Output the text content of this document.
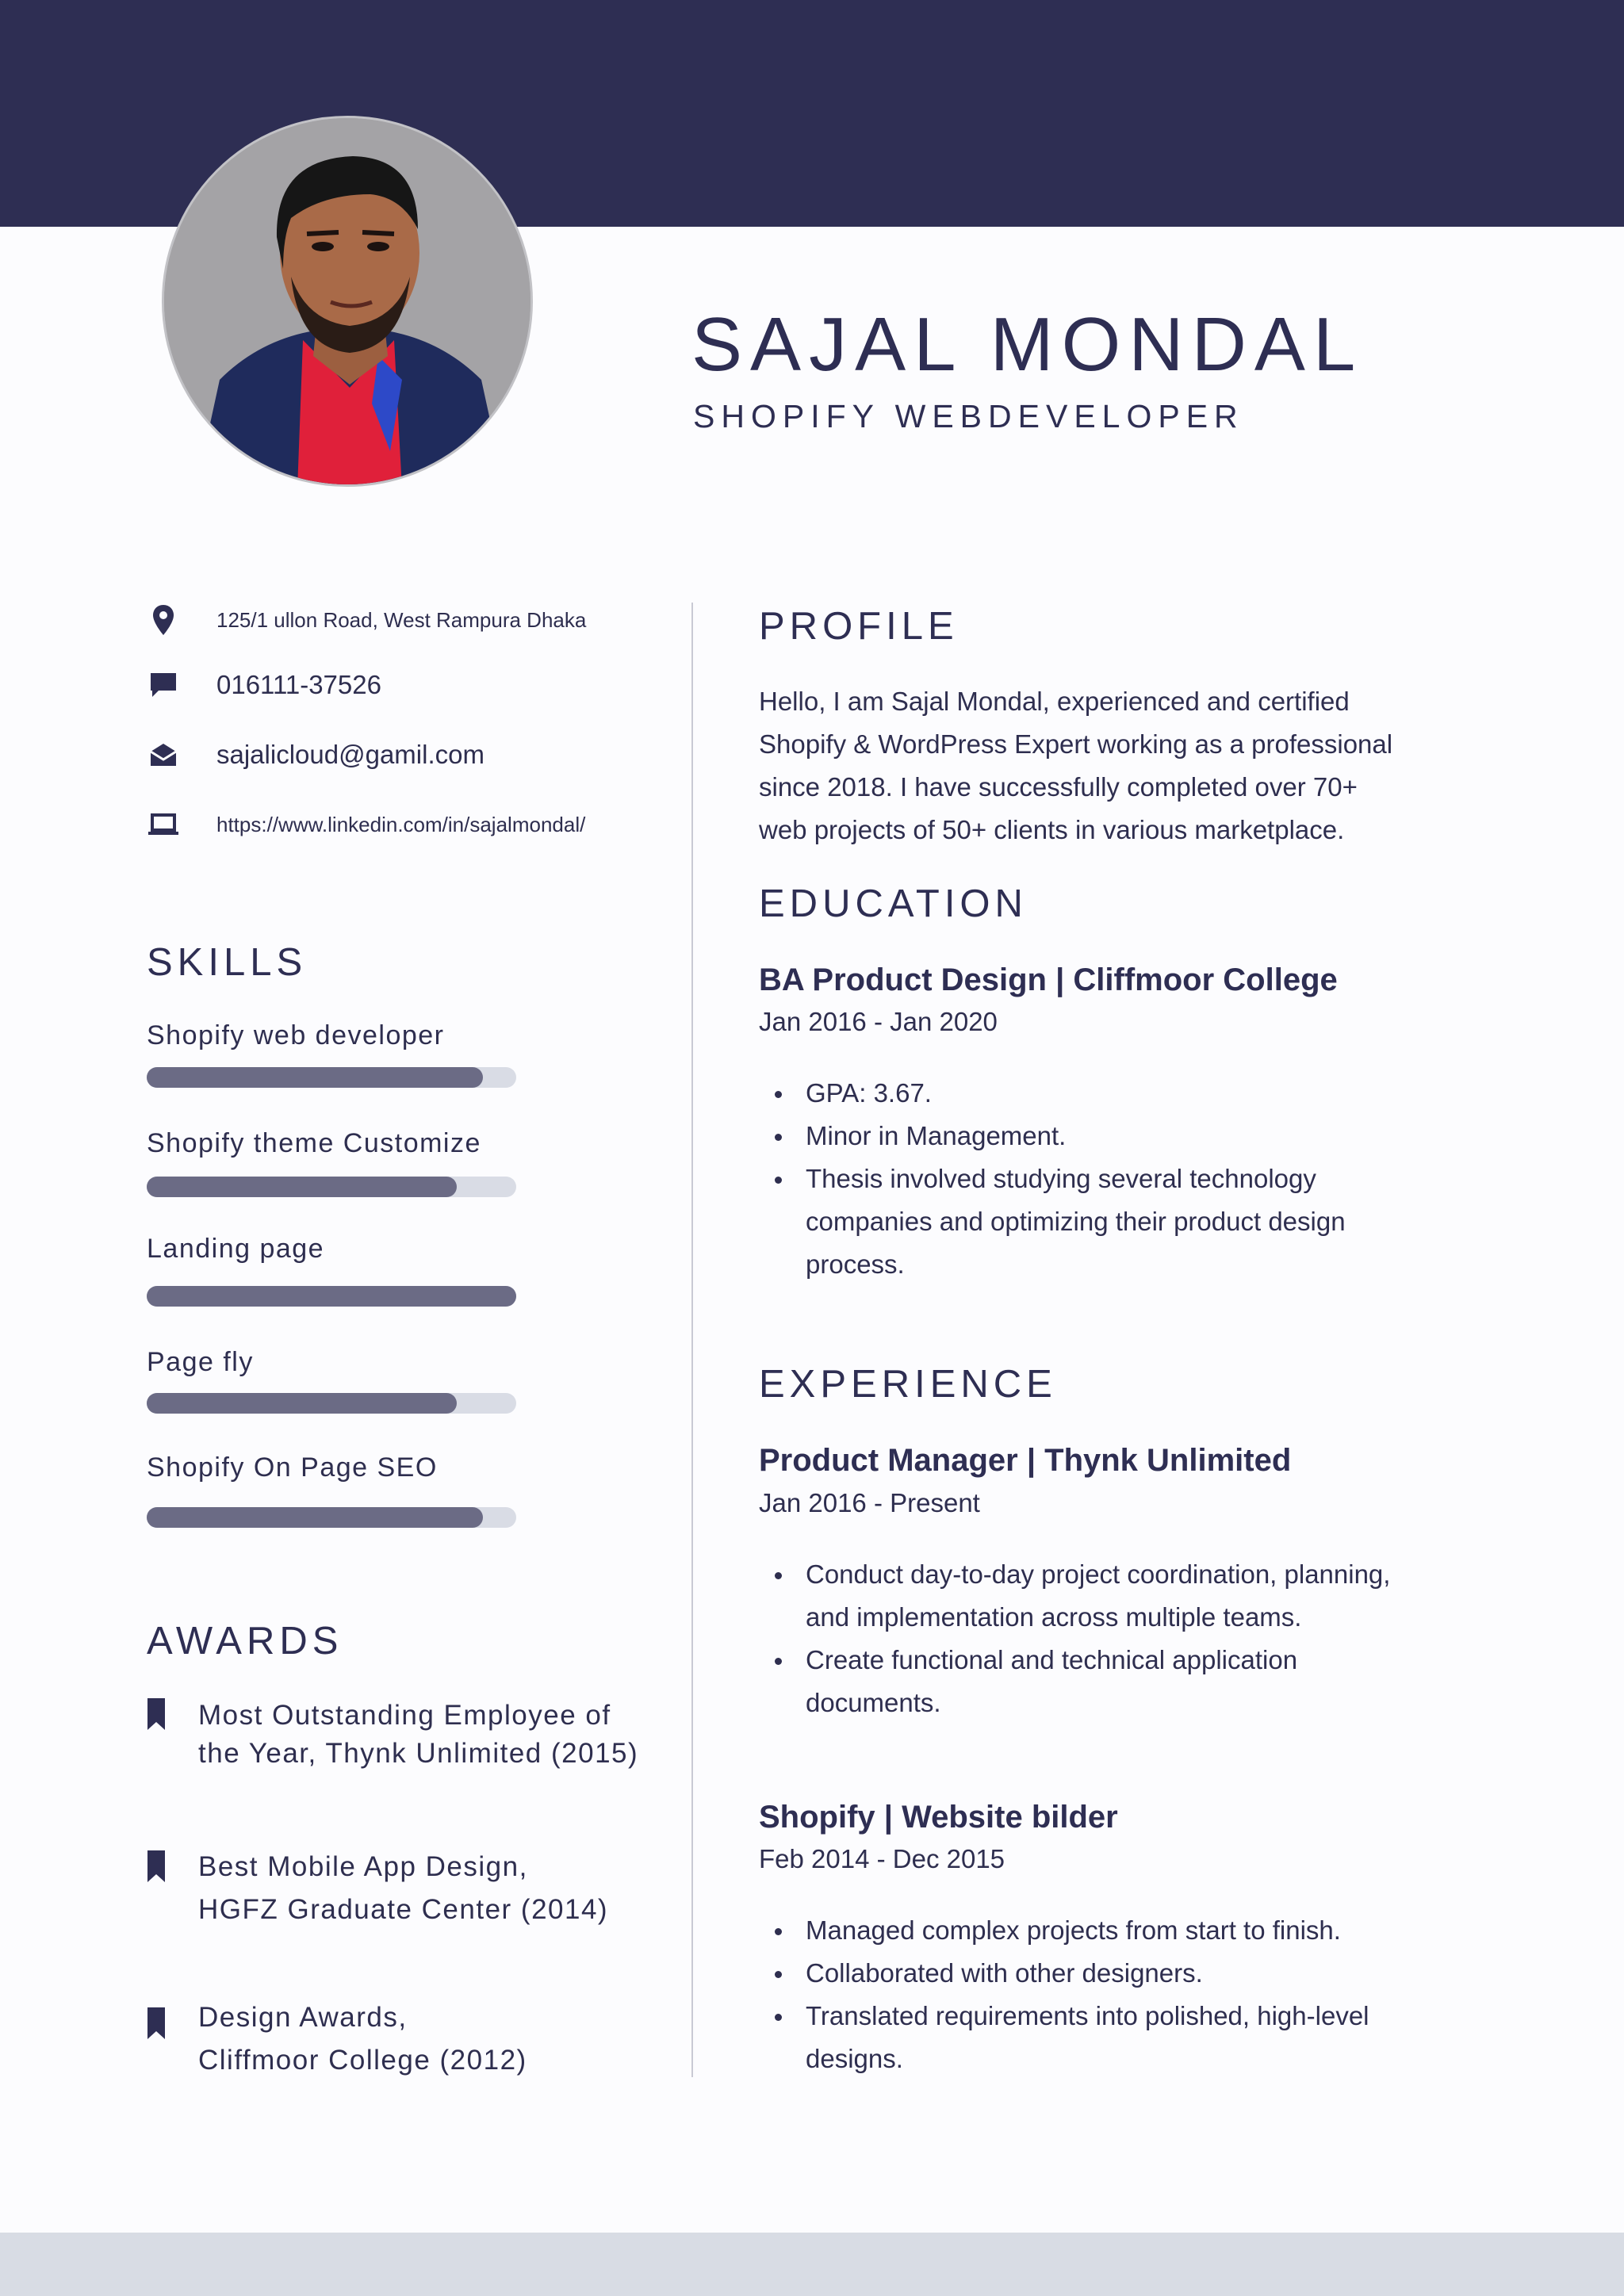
SAJAL MONDAL
SHOPIFY WEBDEVELOPER
125/1 ullon Road, West Rampura Dhaka
016111-37526
sajalicloud@gamil.com
https://www.linkedin.com/in/sajalmondal/
SKILLS
Shopify web developer
Shopify theme Customize
Landing page
Page fly
Shopify On Page SEO
AWARDS
Most Outstanding Employee of
the Year, Thynk Unlimited (2015)
Best Mobile App Design,
HGFZ Graduate Center (2014)
Design Awards,
Cliffmoor College (2012)
PROFILE
Hello, I am Sajal Mondal, experienced and certified
Shopify & WordPress Expert working as a professional
since 2018. I have successfully completed over 70+
web projects of 50+ clients in various marketplace.
EDUCATION
BA Product Design | Cliffmoor College
Jan 2016 - Jan 2020
GPA: 3.67.
Minor in Management.
Thesis involved studying several technology
companies and optimizing their product design
process.
EXPERIENCE
Product Manager | Thynk Unlimited
Jan 2016 - Present
Conduct day-to-day project coordination, planning,
and implementation across multiple teams.
Create functional and technical application
documents.
Shopify | Website bilder
Feb 2014 - Dec 2015
Managed complex projects from start to finish.
Collaborated with other designers.
Translated requirements into polished, high-level
designs.
